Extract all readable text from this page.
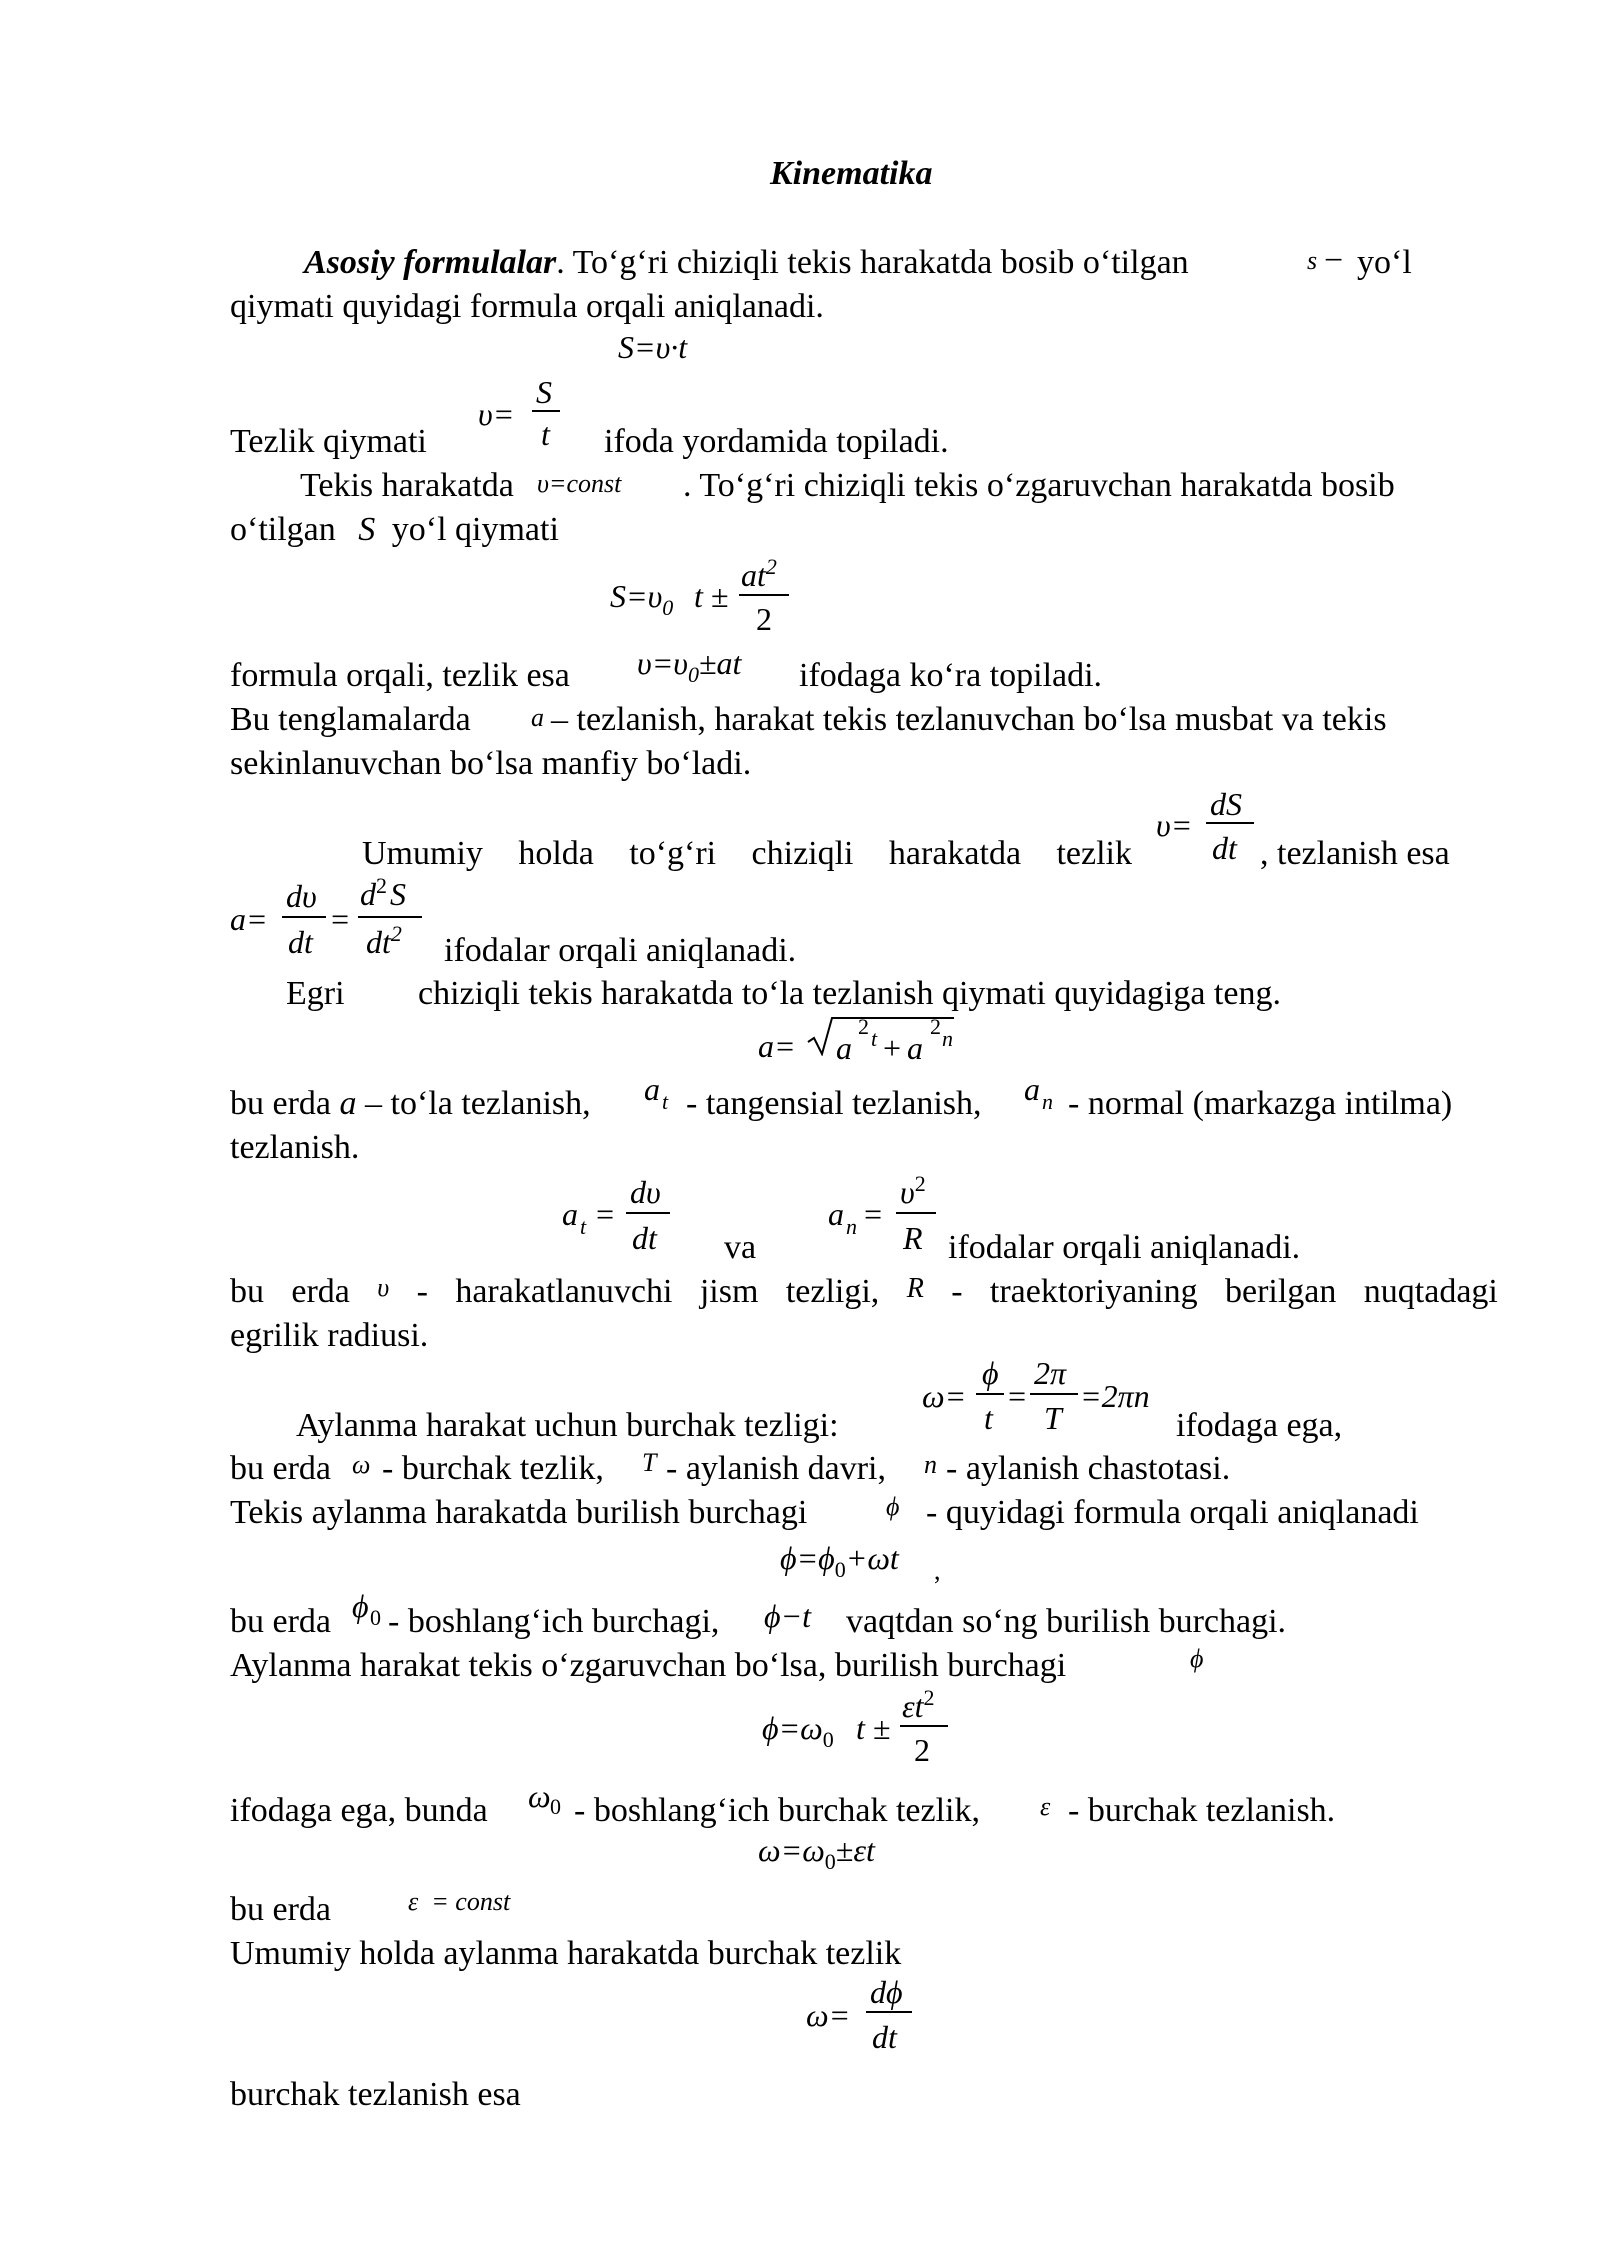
Kinematika
Asosiy formulalar. To‘g‘ri chiziqli tekis harakatda bosib o‘tilgan	s − yo‘l
qiymati quyidagi formula orqali aniqlanadi.
S=υ·t
υ=
S
t
Tezlik qiymati	ifoda yordamida topiladi.
Tekis harakatda υ=const . To‘g‘ri chiziqli tekis o‘zgaruvchan harakatda bosib
o‘tilgan S yo‘l qiymati
$S=\upsilon_0$ t ±
$at^2$
2
formula orqali, tezlik esa $\upsilon=\upsilon_0\pm at$ ifodaga ko‘ra topiladi.
Bu tenglamalarda a – tezlanish, harakat tekis tezlanuvchan bo‘lsa musbat va tekis
sekinlanuvchan bo‘lsa manfiy bo‘ladi.
υ=
dS
dt
Umumiy holda to‘g‘ri chiziqli harakatda tezlik	, tezlanish esa
a=
dυ
dt
=
$d^2S$
$dt^2$ ifodalar orqali aniqlanadi.
Egri chiziqli tekis harakatda to‘la tezlanish qiymati quyidagiga teng.
a= a
2 t + a
2 n
bu erda a – to‘la tezlanish, a t - tangensial tezlanish, a n - normal (markazga intilma)
tezlanish.
a t =
dυ
dt va
a n =
$\upsilon^2$
R ifodalar orqali aniqlanadi.
bu erda υ - harakatlanuvchi jism tezligi, R - traektoriyaning berilgan nuqtadagi
egrilik radiusi.
ω=
ϕ
t
=
2π
T
=2πn
Aylanma harakat uchun burchak tezligi:	ifodaga ega,
bu erda ω - burchak tezlik, T - aylanish davri, n - aylanish chastotasi.
Tekis aylanma harakatda burilish burchagi	ϕ - quyidagi formula orqali aniqlanadi
$\phi=\phi_0+\omega t$ ,
bu erda ϕ 0 - boshlang‘ich burchagi, ϕ−t vaqtdan so‘ng burilish burchagi.
Aylanma harakat tekis o‘zgaruvchan bo‘lsa, burilish burchagi	ϕ
$\phi=\omega_0$ t ±
$\varepsilon t^2$
2
ifodaga ega, bunda ω 0 - boshlang‘ich burchak tezlik, ε - burchak tezlanish.
$\omega=\omega_0\pm\varepsilon t$
bu erda	ε = const
Umumiy holda aylanma harakatda burchak tezlik
ω=
dϕ
dt
burchak tezlanish esa
